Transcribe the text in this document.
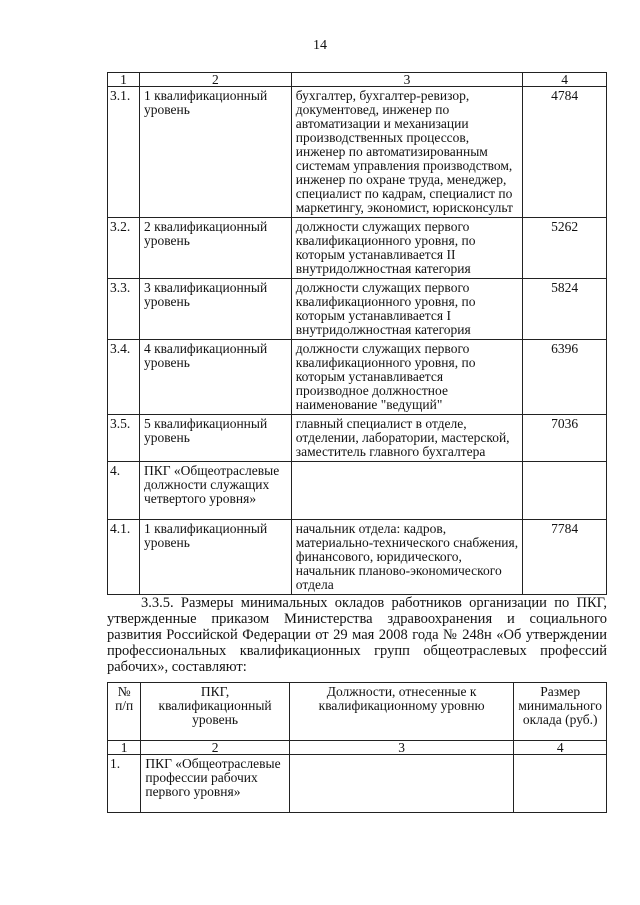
14
1	2	3	4
3.1.	1 квалификационный уровень	бухгалтер, бухгалтер-ревизор, документовед, инженер по автоматизации и механизации производственных процессов, инженер по автоматизированным системам управления производством, инженер по охране труда, менеджер, специалист по кадрам, специалист по маркетингу, экономист, юрисконсульт	4784
3.2.	2 квалификационный уровень	должности служащих первого квалификационного уровня, по которым устанавливается II внутридолжностная категория	5262
3.3.	3 квалификационный уровень	должности служащих первого квалификационного уровня, по которым устанавливается I внутридолжностная категория	5824
3.4.	4 квалификационный уровень	должности служащих первого квалификационного уровня, по которым устанавливается производное должностное наименование "ведущий"	6396
3.5.	5 квалификационный уровень	главный специалист в отделе, отделении, лаборатории, мастерской, заместитель главного бухгалтера	7036
4.	ПКГ «Общеотраслевые должности служащих четвертого уровня»		
4.1.	1 квалификационный уровень	начальник отдела: кадров, материально-технического снабжения, финансового, юридического, начальник планово-экономического отдела	7784
3.3.5. Размеры минимальных окладов работников организации по ПКГ, утвержденные приказом Министерства здравоохранения и социального развития Российской Федерации от 29 мая 2008 года № 248н «Об утверждении профессиональных квалификационных групп общеотраслевых профессий рабочих», составляют:
№ п/п	ПКГ, квалификационный уровень	Должности, отнесенные к квалификационному уровню	Размер минимального оклада (руб.)
1	2	3	4
1.	ПКГ «Общеотраслевые профессии рабочих первого уровня»		
